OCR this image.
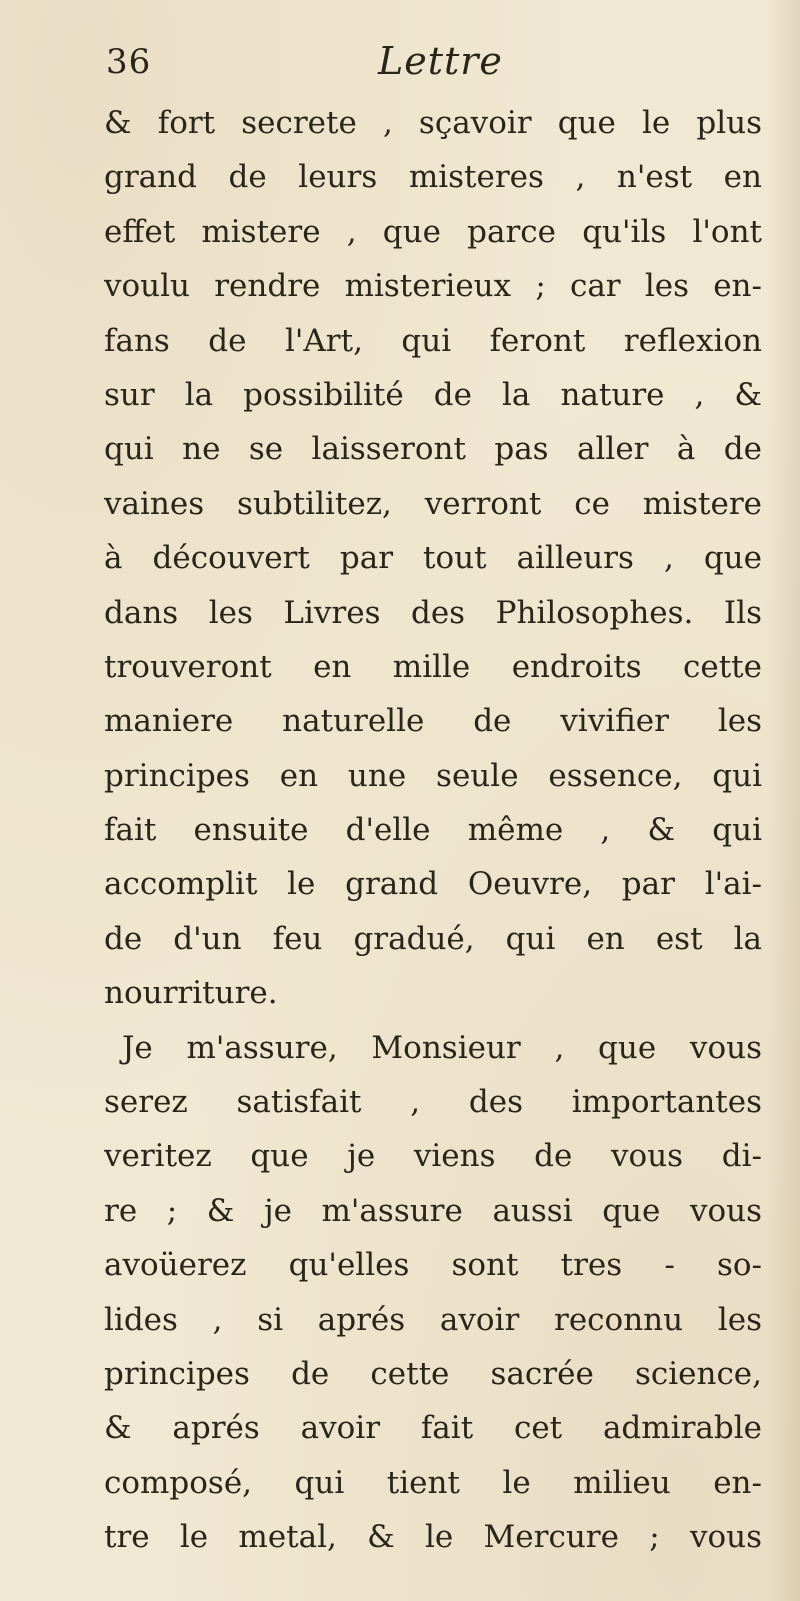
36	Lettre
& fort secrete , sçavoir que le plus
grand de leurs misteres , n'est en
effet mistere , que parce qu'ils l'ont
voulu rendre misterieux ; car les en-
fans de l'Art, qui feront reflexion
sur la possibilité de la nature , &
qui ne se laisseront pas aller à de
vaines subtilitez, verront ce mistere
à découvert par tout ailleurs , que
dans les Livres des Philosophes. Ils
trouveront en mille endroits cette
maniere naturelle de vivifier les
principes en une seule essence, qui
fait ensuite d'elle même , & qui
accomplit le grand Oeuvre, par l'ai-
de d'un feu gradué, qui en est la
nourriture.
Je m'assure, Monsieur , que vous
serez satisfait , des importantes
veritez que je viens de vous di-
re ; & je m'assure aussi que vous
avoüerez qu'elles sont tres - so-
lides , si aprés avoir reconnu les
principes de cette sacrée science,
& aprés avoir fait cet admirable
composé, qui tient le milieu en-
tre le metal, & le Mercure ; vous
